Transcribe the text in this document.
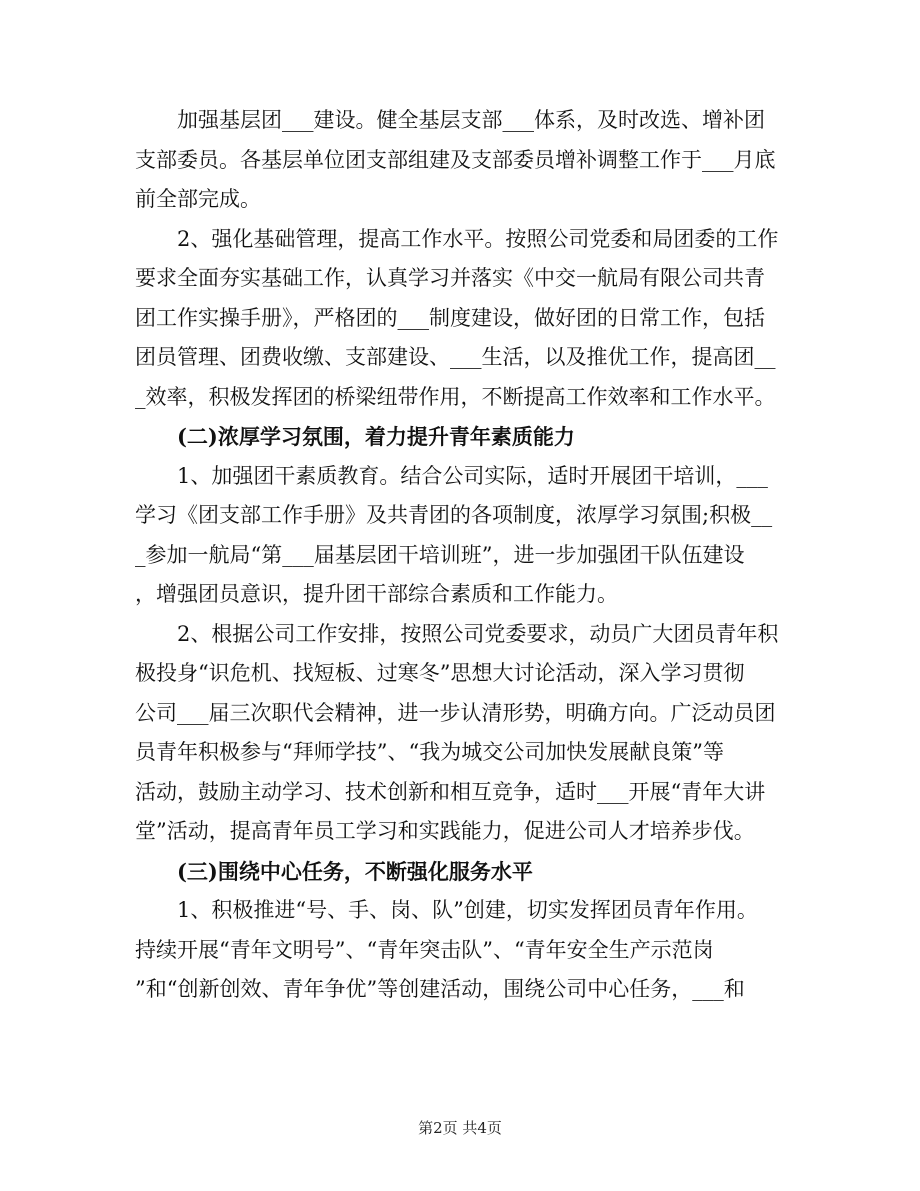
　　加强基层团___建设。健全基层支部___体系，及时改选、增补团
支部委员。各基层单位团支部组建及支部委员增补调整工作于___月底
前全部完成。
　　2、强化基础管理，提高工作水平。按照公司党委和局团委的工作
要求全面夯实基础工作，认真学习并落实《中交一航局有限公司共青
团工作实操手册》，严格团的___制度建设，做好团的日常工作，包括
团员管理、团费收缴、支部建设、___生活，以及推优工作，提高团__
_效率，积极发挥团的桥梁纽带作用，不断提高工作效率和工作水平。
　　(二)浓厚学习氛围，着力提升青年素质能力
　　1、加强团干素质教育。结合公司实际，适时开展团干培训，___
学习《团支部工作手册》及共青团的各项制度，浓厚学习氛围;积极__
_参加一航局“第___届基层团干培训班”，进一步加强团干队伍建设
，增强团员意识，提升团干部综合素质和工作能力。
　　2、根据公司工作安排，按照公司党委要求，动员广大团员青年积
极投身“识危机、找短板、过寒冬”思想大讨论活动，深入学习贯彻
公司___届三次职代会精神，进一步认清形势，明确方向。广泛动员团
员青年积极参与“拜师学技”、“我为城交公司加快发展献良策”等
活动，鼓励主动学习、技术创新和相互竞争，适时___开展“青年大讲
堂”活动，提高青年员工学习和实践能力，促进公司人才培养步伐。
　　(三)围绕中心任务，不断强化服务水平
　　1、积极推进“号、手、岗、队”创建，切实发挥团员青年作用。
持续开展“青年文明号”、“青年突击队”、“青年安全生产示范岗
”和“创新创效、青年争优”等创建活动，围绕公司中心任务，___和
第2页 共4页
